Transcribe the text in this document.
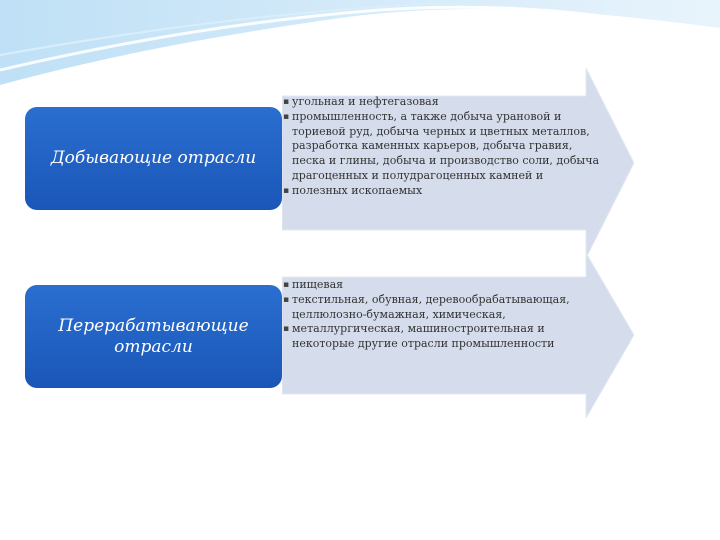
Добывающие отрасли
Перерабатывающие отрасли
▪ угольная и нефтегазовая
▪ промышленность, а также добыча урановой и ториевой руд, добыча черных и цветных металлов, разработка каменных карьеров, добыча гравия, песка и глины, добыча и производство соли, добыча драгоценных и полудрагоценных камней и
▪ полезных ископаемых
▪ пищевая
▪ текстильная, обувная, деревообрабатывающая, целлюлозно-бумажная, химическая,
▪ металлургическая, машиностроительная и некоторые другие отрасли промышленности
